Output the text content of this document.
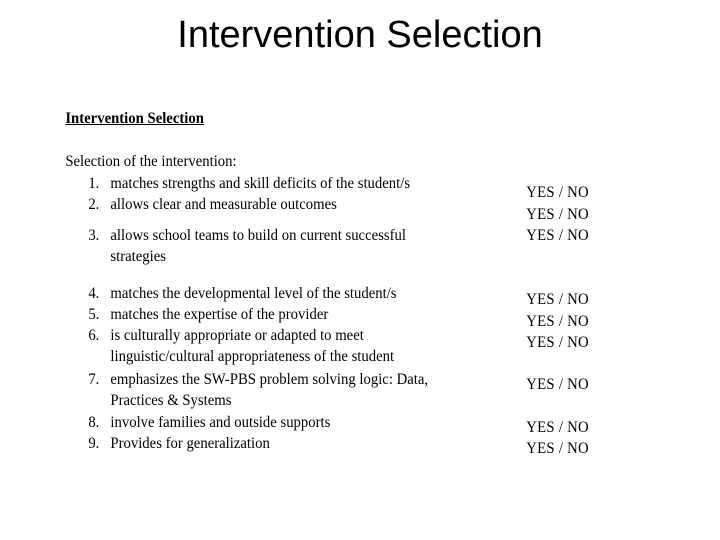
Intervention Selection
Intervention Selection
Selection of the intervention:
1. matches strengths and skill deficits of the student/s
2. allows clear and measurable outcomes
3. allows school teams to build on current successful
strategies
4. matches the developmental level of the student/s
5. matches the expertise of the provider
6. is culturally appropriate or adapted to meet
linguistic/cultural appropriateness of the student
7. emphasizes the SW-PBS problem solving logic: Data,
Practices & Systems
8. involve families and outside supports
9. Provides for generalization
YES / NO
YES / NO
YES / NO
YES / NO
YES / NO
YES / NO
YES / NO
YES / NO
YES / NO
